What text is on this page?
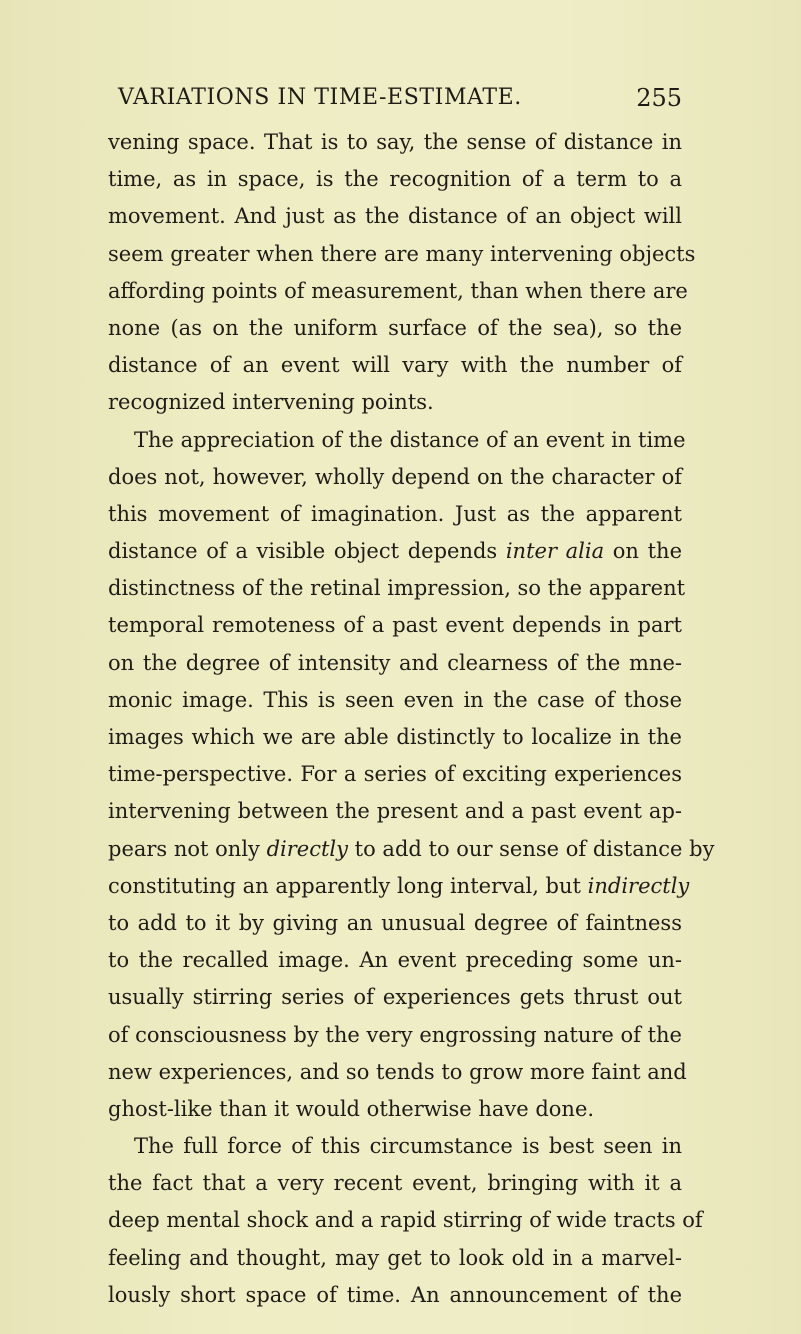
VARIATIONS IN TIME-ESTIMATE.	255
vening space. That is to say, the sense of distance in
time, as in space, is the recognition of a term to a
movement. And just as the distance of an object will
seem greater when there are many intervening objects
affording points of measurement, than when there are
none (as on the uniform surface of the sea), so the
distance of an event will vary with the number of
recognized intervening points.
The appreciation of the distance of an event in time
does not, however, wholly depend on the character of
this movement of imagination. Just as the apparent
distance of a visible object depends inter alia on the
distinctness of the retinal impression, so the apparent
temporal remoteness of a past event depends in part
on the degree of intensity and clearness of the mne-
monic image. This is seen even in the case of those
images which we are able distinctly to localize in the
time-perspective. For a series of exciting experiences
intervening between the present and a past event ap-
pears not only directly to add to our sense of distance by
constituting an apparently long interval, but indirectly
to add to it by giving an unusual degree of faintness
to the recalled image. An event preceding some un-
usually stirring series of experiences gets thrust out
of consciousness by the very engrossing nature of the
new experiences, and so tends to grow more faint and
ghost-like than it would otherwise have done.
The full force of this circumstance is best seen in
the fact that a very recent event, bringing with it a
deep mental shock and a rapid stirring of wide tracts of
feeling and thought, may get to look old in a marvel-
lously short space of time. An announcement of the
